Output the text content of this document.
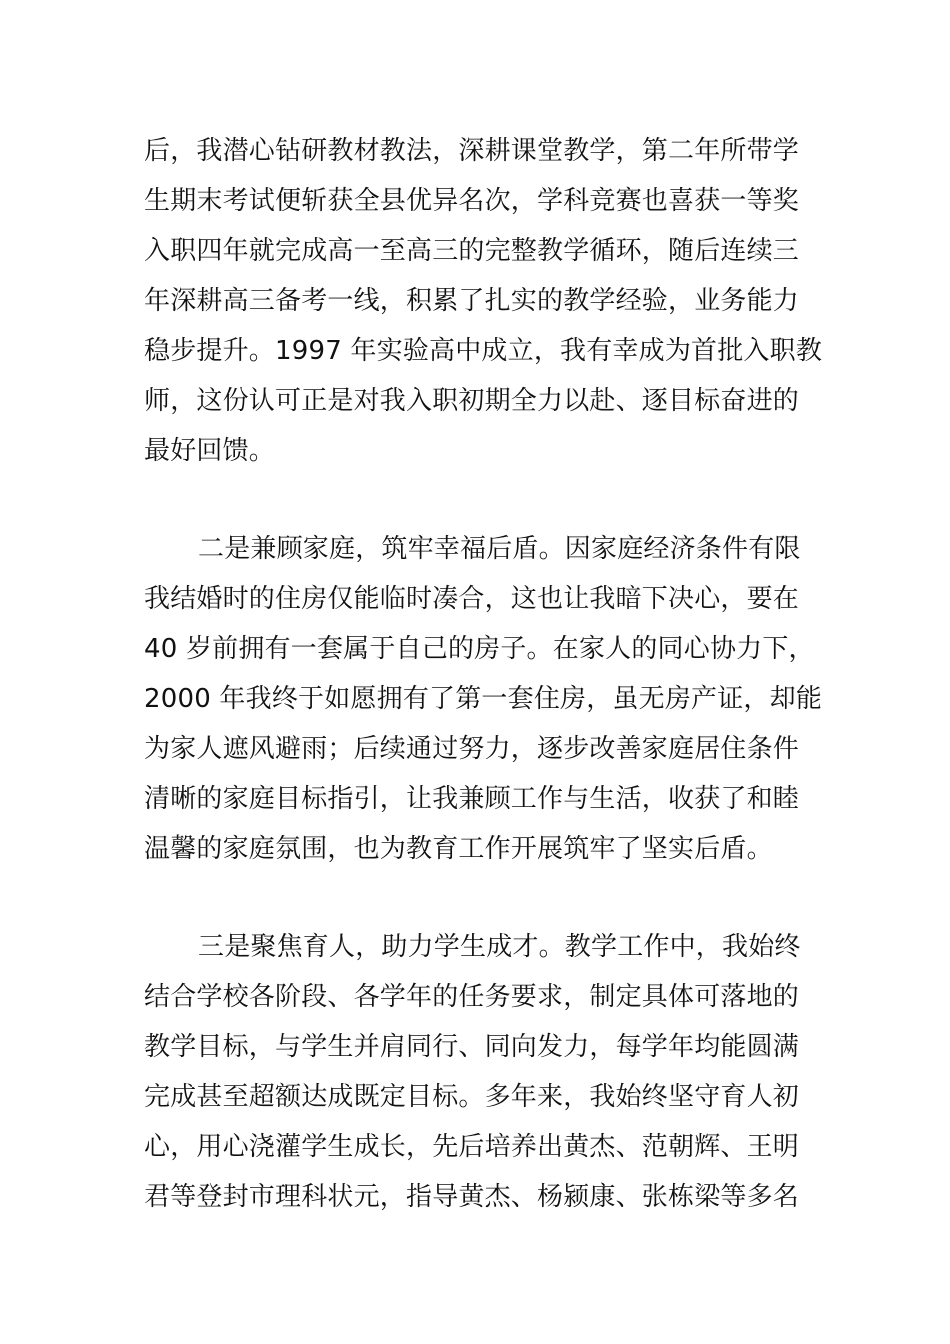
后，我潜心钻研教材教法，深耕课堂教学，第二年所带学
生期末考试便斩获全县优异名次，学科竞赛也喜获一等奖
入职四年就完成高一至高三的完整教学循环，随后连续三
年深耕高三备考一线，积累了扎实的教学经验，业务能力
稳步提升。1997 年实验高中成立，我有幸成为首批入职教
师，这份认可正是对我入职初期全力以赴、逐目标奋进的
最好回馈。
二是兼顾家庭，筑牢幸福后盾。因家庭经济条件有限
我结婚时的住房仅能临时凑合，这也让我暗下决心，要在
40 岁前拥有一套属于自己的房子。在家人的同心协力下，
2000 年我终于如愿拥有了第一套住房，虽无房产证，却能
为家人遮风避雨；后续通过努力，逐步改善家庭居住条件
清晰的家庭目标指引，让我兼顾工作与生活，收获了和睦
温馨的家庭氛围，也为教育工作开展筑牢了坚实后盾。
三是聚焦育人，助力学生成才。教学工作中，我始终
结合学校各阶段、各学年的任务要求，制定具体可落地的
教学目标，与学生并肩同行、同向发力，每学年均能圆满
完成甚至超额达成既定目标。多年来，我始终坚守育人初
心，用心浇灌学生成长，先后培养出黄杰、范朝辉、王明
君等登封市理科状元，指导黄杰、杨颍康、张栋梁等多名
